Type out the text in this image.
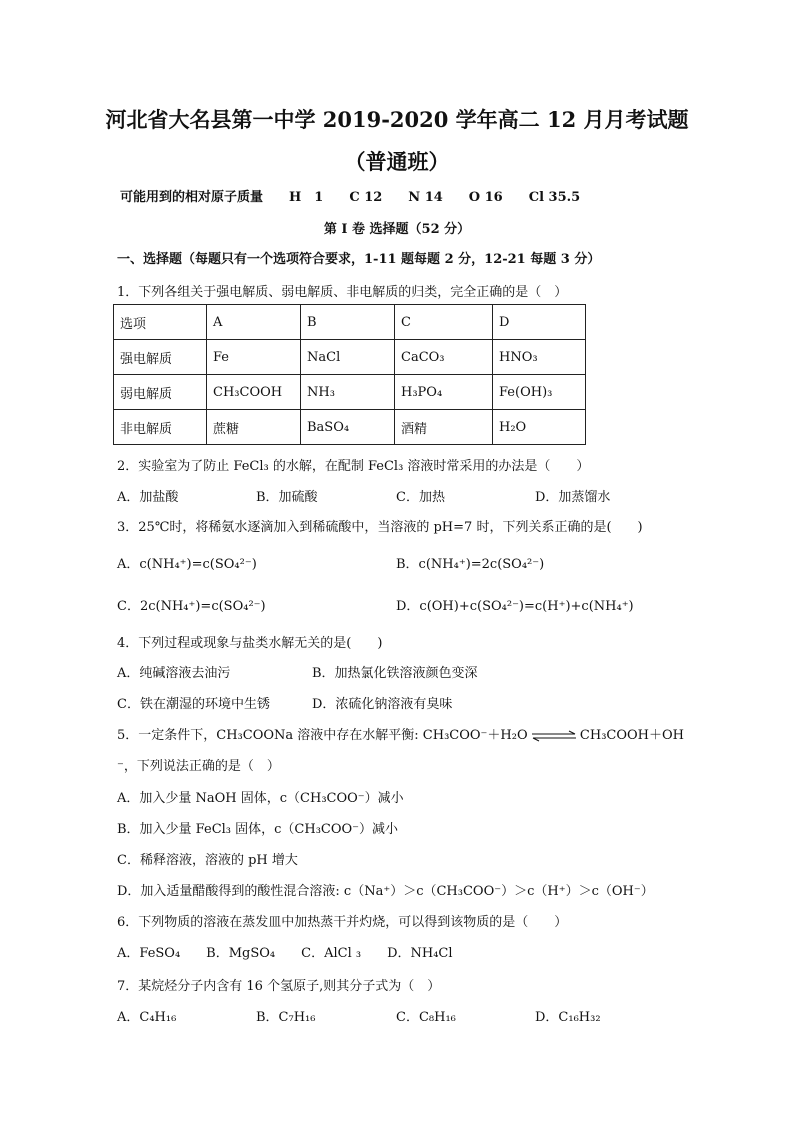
河北省大名县第一中学 2019-2020 学年高二 12 月月考试题
（普通班）
可能用到的相对原子质量　　H　1　　C 12　　N 14　　O 16　　Cl 35.5
第 I 卷 选择题（52 分）
一、选择题（每题只有一个选项符合要求，1-11 题每题 2 分，12-21 每题 3 分）
1．下列各组关于强电解质、弱电解质、非电解质的归类，完全正确的是（　）
选项	A	B	C	D
强电解质	Fe	NaCl	CaCO₃	HNO₃
弱电解质	CH₃COOH	NH₃	H₃PO₄	Fe(OH)₃
非电解质	蔗糖	BaSO₄	酒精	H₂O
2．实验室为了防止 FeCl₃ 的水解，在配制 FeCl₃ 溶液时常采用的办法是（　　）
A．加盐酸	B．加硫酸	C．加热	D．加蒸馏水
3．25℃时，将稀氨水逐滴加入到稀硫酸中，当溶液的 pH=7 时，下列关系正确的是(　　)
A．c(NH₄⁺)=c(SO₄²⁻)	B．c(NH₄⁺)=2c(SO₄²⁻)
C．2c(NH₄⁺)=c(SO₄²⁻)	D．c(OH)+c(SO₄²⁻)=c(H⁺)+c(NH₄⁺)
4．下列过程或现象与盐类水解无关的是(　　)
A．纯碱溶液去油污	B．加热氯化铁溶液颜色变深
C．铁在潮湿的环境中生锈	D．浓硫化钠溶液有臭味
5．一定条件下，CH₃COONa 溶液中存在水解平衡: CH₃COO⁻＋H₂O ⇌ CH₃COOH＋OH
⁻，下列说法正确的是（　）
A．加入少量 NaOH 固体，c（CH₃COO⁻）减小
B．加入少量 FeCl₃ 固体，c（CH₃COO⁻）减小
C．稀释溶液，溶液的 pH 增大
D．加入适量醋酸得到的酸性混合溶液: c（Na⁺）＞c（CH₃COO⁻）＞c（H⁺）＞c（OH⁻）
6．下列物质的溶液在蒸发皿中加热蒸干并灼烧，可以得到该物质的是（　　）
A．FeSO₄　　B．MgSO₄　　C．AlCl ₃　　D．NH₄Cl
7．某烷烃分子内含有 16 个氢原子,则其分子式为（　）
A．C₄H₁₆	B．C₇H₁₆	C．C₈H₁₆	D．C₁₆H₃₂
